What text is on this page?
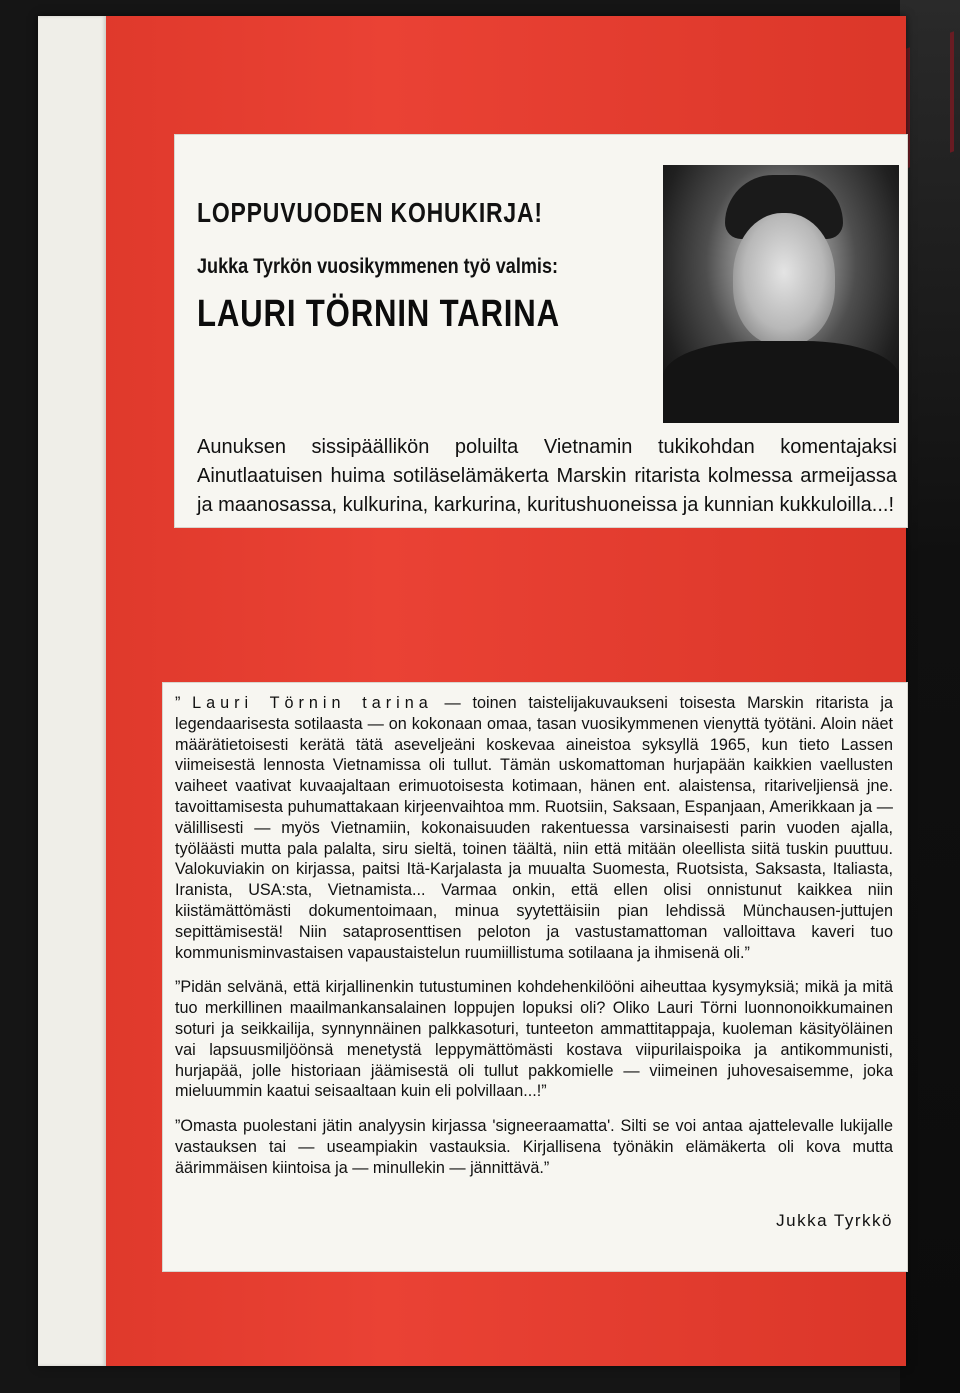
LOPPUVUODEN KOHUKIRJA!

Jukka Tyrkön vuosikymmenen työ valmis:

LAURI TÖRNIN TARINA

Aunuksen sissipäällikön poluilta Vietnamin tukikohdan komentajaksi Ainutlaatuisen huima sotiläselämäkerta Marskin ritarista kolmessa armeijassa ja maanosassa, kulkurina, karkurina, kuritushuoneissa ja kunnian kukkuloilla...!

” Lauri Törnin tarina — toinen taistelijakuvaukseni toisesta Marskin ritarista ja legendaarisesta sotilaasta — on kokonaan omaa, tasan vuosikymmenen vienyttä työtäni. Aloin näet määrätietoisesti kerätä tätä aseveljeäni koskevaa aineistoa syksyllä 1965, kun tieto Lassen viimeisestä lennosta Vietnamissa oli tullut. Tämän uskomattoman hurjapään kaikkien vaellusten vaiheet vaativat kuvaajaltaan erimuotoisesta kotimaan, hänen ent. alaistensa, ritariveljiensä jne. tavoittamisesta puhumattakaan kirjeenvaihtoa mm. Ruotsiin, Saksaan, Espanjaan, Amerikkaan ja — välillisesti — myös Vietnamiin, kokonaisuuden rakentuessa varsinaisesti parin vuoden ajalla, työläästi mutta pala palalta, siru sieltä, toinen täältä, niin että mitään oleellista siitä tuskin puuttuu. Valokuviakin on kirjassa, paitsi Itä-Karjalasta ja muualta Suomesta, Ruotsista, Saksasta, Italiasta, Iranista, USA:sta, Vietnamista... Varmaa onkin, että ellen olisi onnistunut kaikkea niin kiistämättömästi dokumentoimaan, minua syytettäisiin pian lehdissä Münchausen-juttujen sepittämisestä! Niin sataprosenttisen peloton ja vastustamattoman valloittava kaveri tuo kommunisminvastaisen vapaustaistelun ruumiillistuma sotilaana ja ihmisenä oli.”

”Pidän selvänä, että kirjallinenkin tutustuminen kohdehenkilööni aiheuttaa kysymyksiä; mikä ja mitä tuo merkillinen maailmankansalainen loppujen lopuksi oli? Oliko Lauri Törni luonnonoikkumainen soturi ja seikkailija, synnynnäinen palkkasoturi, tunteeton ammattitappaja, kuoleman käsityöläinen vai lapsuusmiljöönsä menetystä leppymättömästi kostava viipurilaispoika ja antikommunisti, hurjapää, jolle historiaan jäämisestä oli tullut pakkomielle — viimeinen juhovesaisemme, joka mieluummin kaatui seisaaltaan kuin eli polvillaan...!”

”Omasta puolestani jätin analyysin kirjassa 'signeeraamatta'. Silti se voi antaa ajattelevalle lukijalle vastauksen tai — useampiakin vastauksia. Kirjallisena työnäkin elämäkerta oli kova mutta äärimmäisen kiintoisa ja — minullekin — jännittävä.”

Jukka Tyrkkö
